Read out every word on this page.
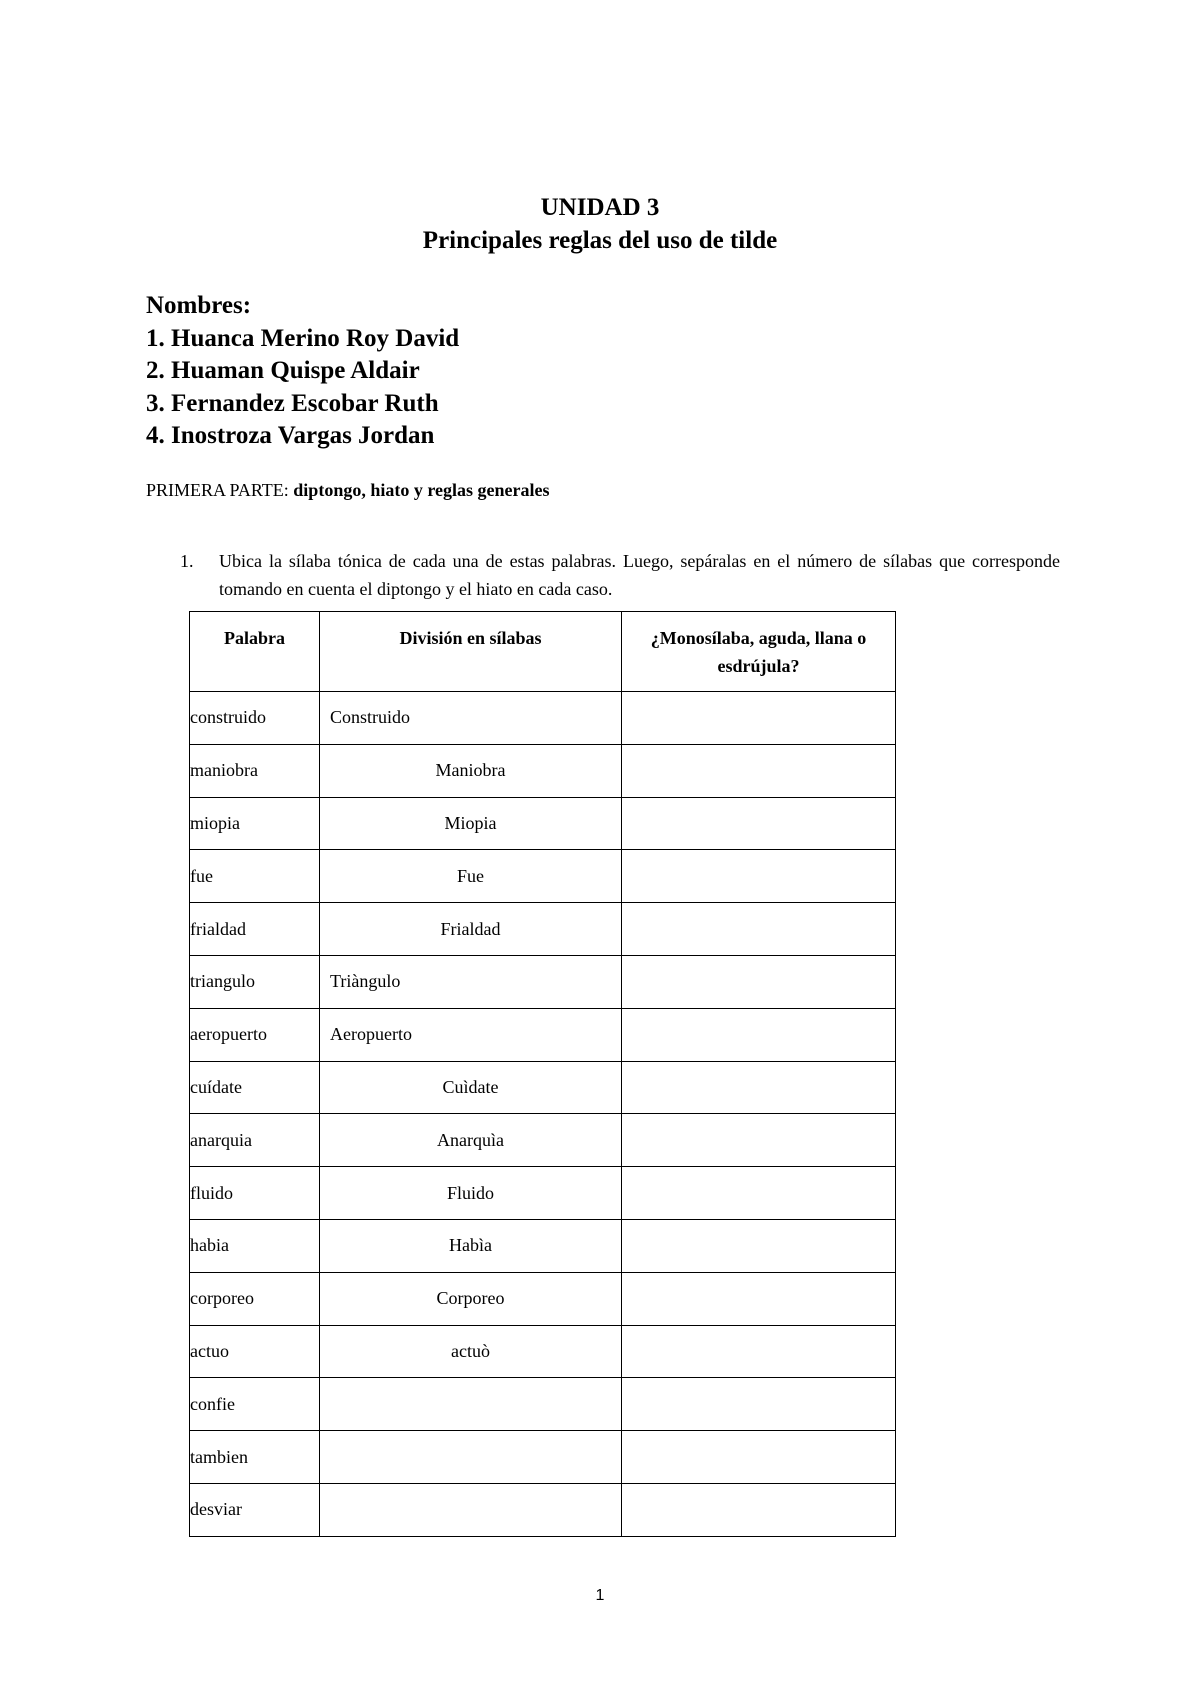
UNIDAD 3
Principales reglas del uso de tilde
Nombres:
1. Huanca Merino Roy David
2. Huaman Quispe Aldair
3. Fernandez Escobar Ruth
4. Inostroza Vargas Jordan
PRIMERA PARTE: diptongo, hiato y reglas generales
1. Ubica la sílaba tónica de cada una de estas palabras. Luego, sepáralas en el número de sílabas que corresponde tomando en cuenta el diptongo y el hiato en cada caso.
Palabra	División en sílabas	¿Monosílaba, aguda, llana o esdrújula?
construido	Construido	
maniobra	Maniobra	
miopia	Miopia	
fue	Fue	
frialdad	Frialdad	
triangulo	Triàngulo	
aeropuerto	Aeropuerto	
cuídate	Cuìdate	
anarquia	Anarquìa	
fluido	Fluido	
habia	Habìa	
corporeo	Corporeo	
actuo	actuò	
confie		
tambien		
desviar		
1
